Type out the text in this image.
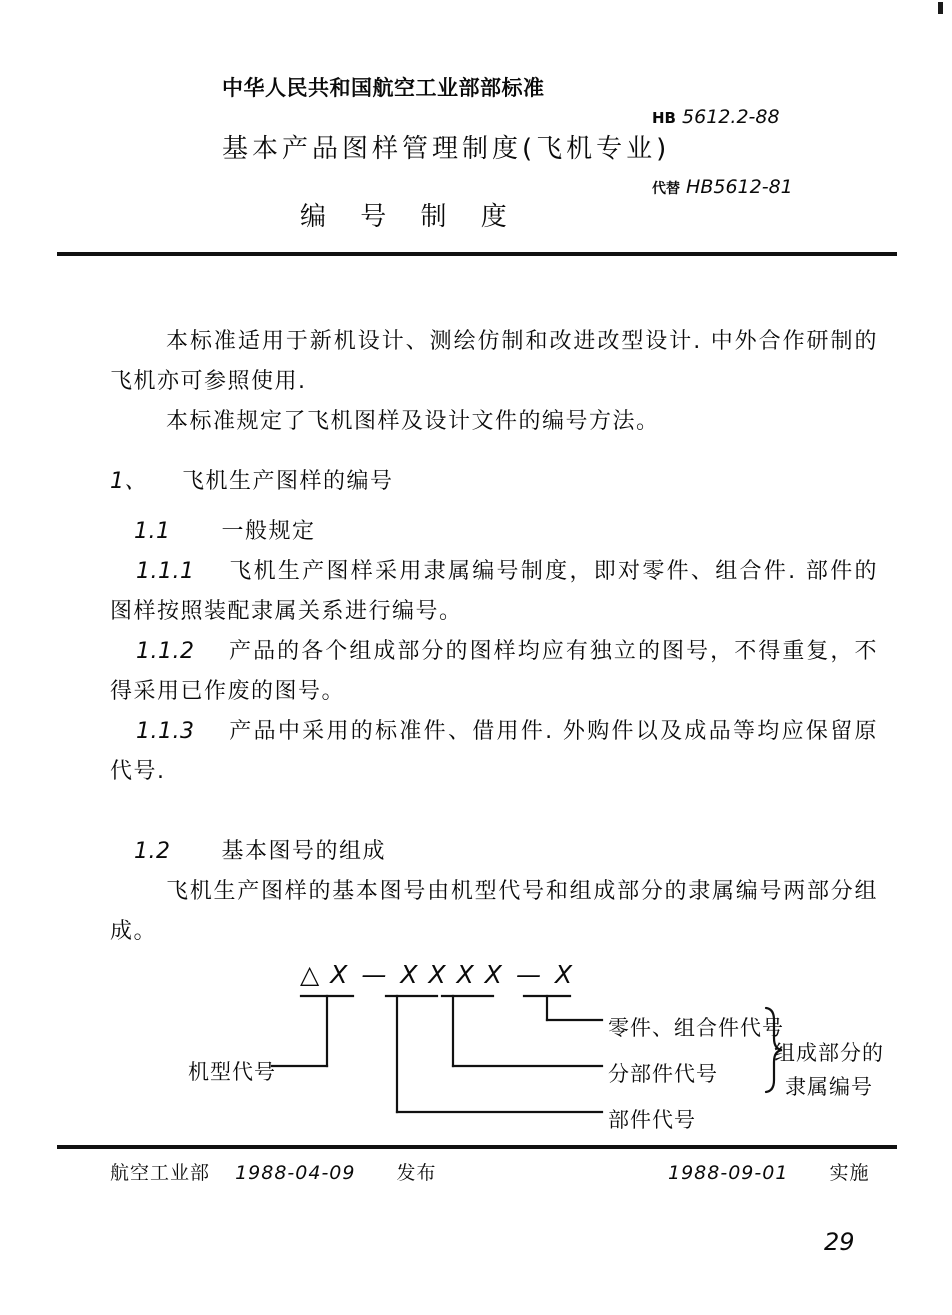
中华人民共和国航空工业部部标准
基本产品图样管理制度(飞机专业)
编 号 制 度
HB 5612.2-88
代替 HB5612-81
本标准适用于新机设计、测绘仿制和改进改型设计. 中外合作研制的飞机亦可参照使用.
本标准规定了飞机图样及设计文件的编号方法。
1、 飞机生产图样的编号
1.1 一般规定
1.1.1 飞机生产图样采用隶属编号制度，即对零件、组合件. 部件的图样按照装配隶属关系进行编号。
1.1.2 产品的各个组成部分的图样均应有独立的图号，不得重复，不得采用已作废的图号。
1.1.3 产品中采用的标准件、借用件. 外购件以及成品等均应保留原代号.
1.2 基本图号的组成
飞机生产图样的基本图号由机型代号和组成部分的隶属编号两部分组成。
△ X — X X X X — X
机型代号
零件、组合件代号
分部件代号
部件代号
组成部分的
隶属编号
航空工业部 1988-04-09 发布	1988-09-01 实施
29
